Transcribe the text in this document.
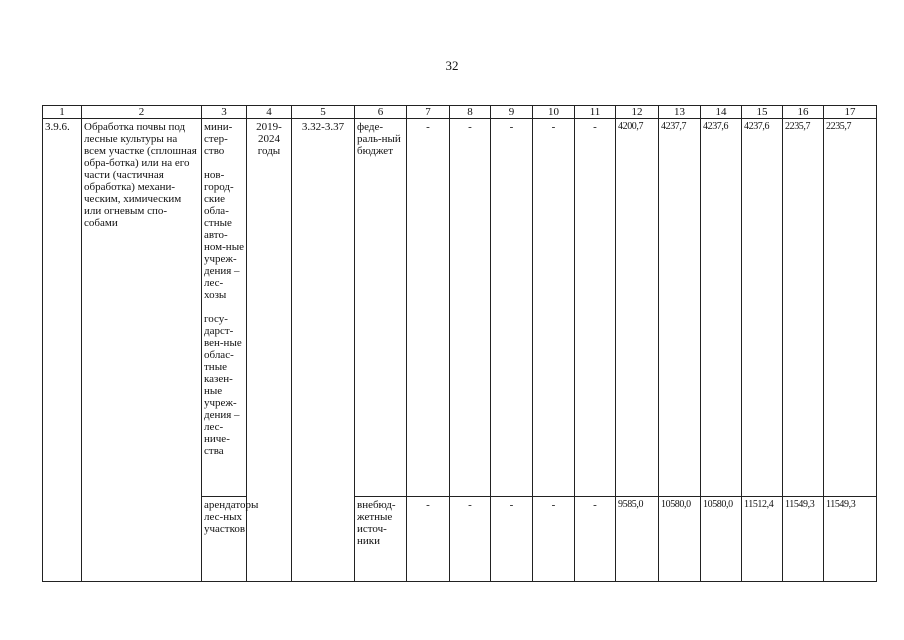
32
1	2	3	4	5	6	7	8	9	10	11	12	13	14	15	16	17
3.9.6.	Обработка почвы под лесные культуры на всем участке (сплошная обра-ботка) или на его части (частичная обработка) механи-ческим, химическим или огневым спо-собами	мини-стер-ство
нов-город-ские обла-стные авто-ном-ные учреж-дения – лес-хозы
госу-дарст-вен-ные облас-тные казен-ные учреж-дения – лес-ниче-ства	2019-2024 годы	3.32-3.37	феде-раль-ный бюджет	-	-	-	-	-	4200,7	4237,7	4237,6	4237,6	2235,7	2235,7
		арендаторы лес-ных участков			внебюд-жетные источ-ники	-	-	-	-	-	9585,0	10580,0	10580,0	11512,4	11549,3	11549,3
